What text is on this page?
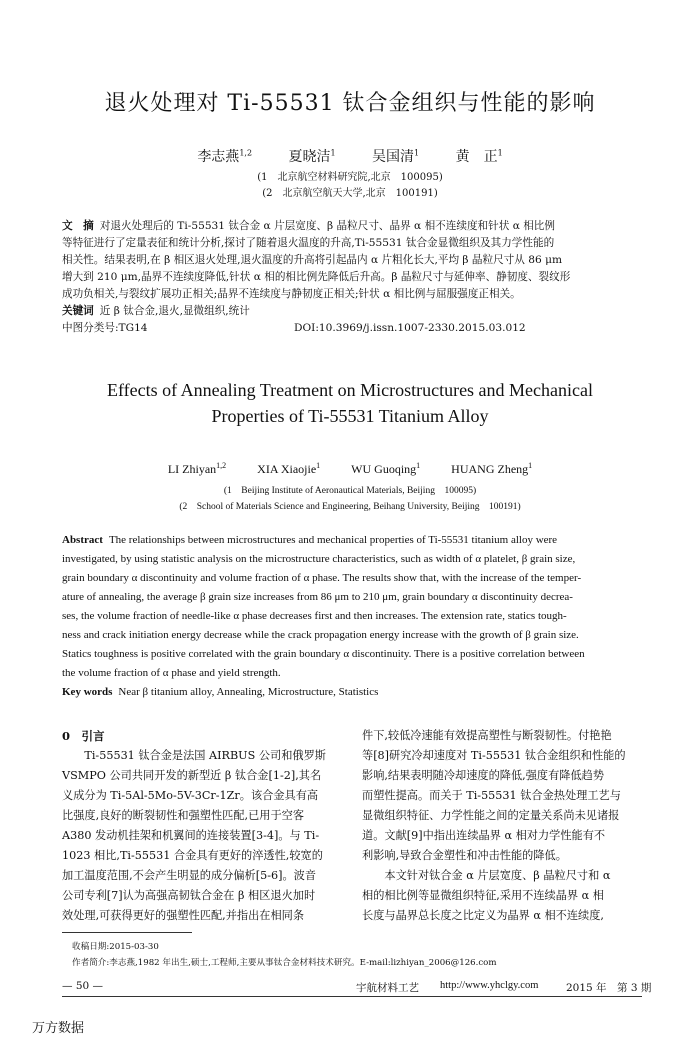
退火处理对 Ti-55531 钛合金组织与性能的影响
李志燕$^{1,2}$	夏晓洁$^1$	吴国清$^1$	黄　正$^1$
(1　北京航空材料研究院,北京　100095)
(2　北京航空航天大学,北京　100191)
文　摘 对退火处理后的 Ti-55531 钛合金 α 片层宽度、β 晶粒尺寸、晶界 α 相不连续度和针状 α 相比例
等特征进行了定量表征和统计分析,探讨了随着退火温度的升高,Ti-55531 钛合金显微组织及其力学性能的
相关性。结果表明,在 β 相区退火处理,退火温度的升高将引起晶内 α 片粗化长大,平均 β 晶粒尺寸从 86 μm
增大到 210 μm,晶界不连续度降低,针状 α 相的相比例先降低后升高。β 晶粒尺寸与延伸率、静韧度、裂纹形
成功负相关,与裂纹扩展功正相关;晶界不连续度与静韧度正相关;针状 α 相比例与屈服强度正相关。
关键词 近 β 钛合金,退火,显微组织,统计
中图分类号:TG14	DOI:10.3969/j.issn.1007-2330.2015.03.012
Effects of Annealing Treatment on Microstructures and Mechanical
Properties of Ti-55531 Titanium Alloy
LI Zhiyan$^{1,2}$	XIA Xiaojie$^1$	WU Guoqing$^1$	HUANG Zheng$^1$
(1　Beijing Institute of Aeronautical Materials, Beijing　100095)
(2　School of Materials Science and Engineering, Beihang University, Beijing　100191)
Abstract The relationships between microstructures and mechanical properties of Ti-55531 titanium alloy were
investigated, by using statistic analysis on the microstructure characteristics, such as width of α platelet, β grain size,
grain boundary α discontinuity and volume fraction of α phase. The results show that, with the increase of the temper-
ature of annealing, the average β grain size increases from 86 μm to 210 μm, grain boundary α discontinuity decrea-
ses, the volume fraction of needle-like α phase decreases first and then increases. The extension rate, statics tough-
ness and crack initiation energy decrease while the crack propagation energy increase with the growth of β grain size.
Statics toughness is positive correlated with the grain boundary α discontinuity. There is a positive correlation between
the volume fraction of α phase and yield strength.
Key words Near β titanium alloy, Annealing, Microstructure, Statistics
0　引言

Ti-55531 钛合金是法国 AIRBUS 公司和俄罗斯

VSMPO 公司共同开发的新型近 β 钛合金[1-2],其名
义成分为 Ti-5Al-5Mo-5V-3Cr-1Zr。该合金具有高
比强度,良好的断裂韧性和强塑性匹配,已用于空客
A380 发动机挂架和机翼间的连接装置[3-4]。与 Ti-
1023 相比,Ti-55531 合金具有更好的淬透性,较宽的
加工温度范围,不会产生明显的成分偏析[5-6]。波音
公司专利[7]认为高强高韧钛合金在 β 相区退火加时
效处理,可获得更好的强塑性匹配,并指出在相同条
件下,较低冷速能有效提高塑性与断裂韧性。付艳艳
等[8]研究冷却速度对 Ti-55531 钛合金组织和性能的
影响,结果表明随冷却速度的降低,强度有降低趋势
而塑性提高。而关于 Ti-55531 钛合金热处理工艺与
显微组织特征、力学性能之间的定量关系尚未见诸报
道。文献[9]中指出连续晶界 α 相对力学性能有不
利影响,导致合金塑性和冲击性能的降低。

本文针对钛合金 α 片层宽度、β 晶粒尺寸和 α

相的相比例等显微组织特征,采用不连续晶界 α 相
长度与晶界总长度之比定义为晶界 α 相不连续度,
收稿日期:2015-03-30
作者简介:李志燕,1982 年出生,硕士,工程师,主要从事钛合金材料技术研究。E-mail:lizhiyan_2006@126.com
— 50 —	宇航材料工艺 http://www.yhclgy.com	2015 年　第 3 期
万方数据
